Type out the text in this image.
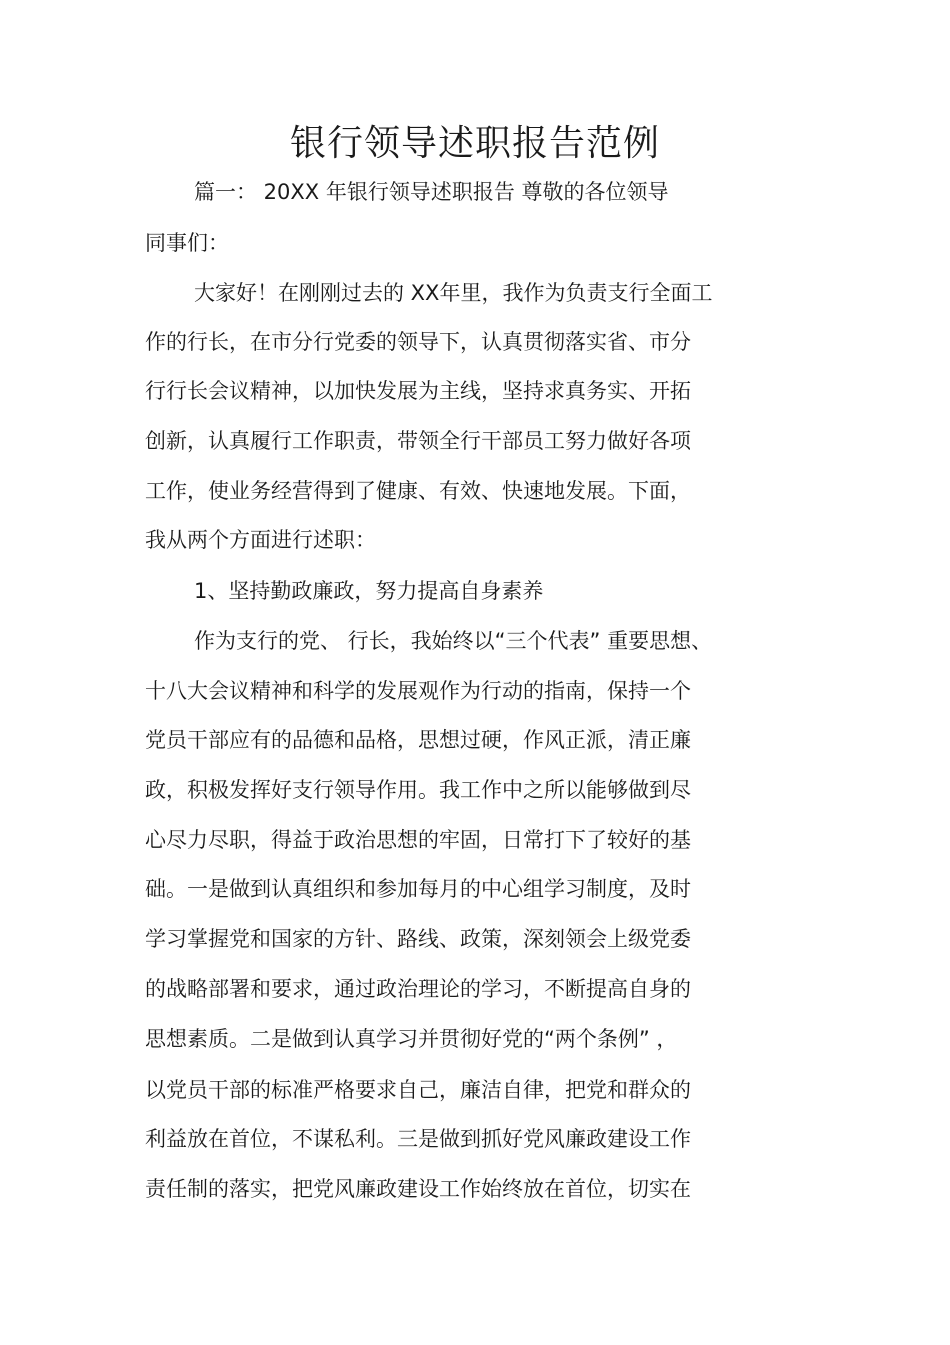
银行领导述职报告范例
篇一： 20XX 年银行领导述职报告 尊敬的各位领导
同事们：
大家好！在刚刚过去的 XX年里，我作为负责支行全面工
作的行长，在市分行党委的领导下，认真贯彻落实省、市分
行行长会议精神，以加快发展为主线，坚持求真务实、开拓
创新，认真履行工作职责，带领全行干部员工努力做好各项
工作，使业务经营得到了健康、有效、快速地发展。下面，
我从两个方面进行述职：
1、坚持勤政廉政，努力提高自身素养
作为支行的党、 行长，我始终以“三个代表” 重要思想、
十八大会议精神和科学的发展观作为行动的指南，保持一个
党员干部应有的品德和品格，思想过硬，作风正派，清正廉
政，积极发挥好支行领导作用。我工作中之所以能够做到尽
心尽力尽职，得益于政治思想的牢固，日常打下了较好的基
础。一是做到认真组织和参加每月的中心组学习制度，及时
学习掌握党和国家的方针、路线、政策，深刻领会上级党委
的战略部署和要求，通过政治理论的学习，不断提高自身的
思想素质。二是做到认真学习并贯彻好党的“两个条例” ，
以党员干部的标准严格要求自己，廉洁自律，把党和群众的
利益放在首位，不谋私利。三是做到抓好党风廉政建设工作
责任制的落实，把党风廉政建设工作始终放在首位，切实在
